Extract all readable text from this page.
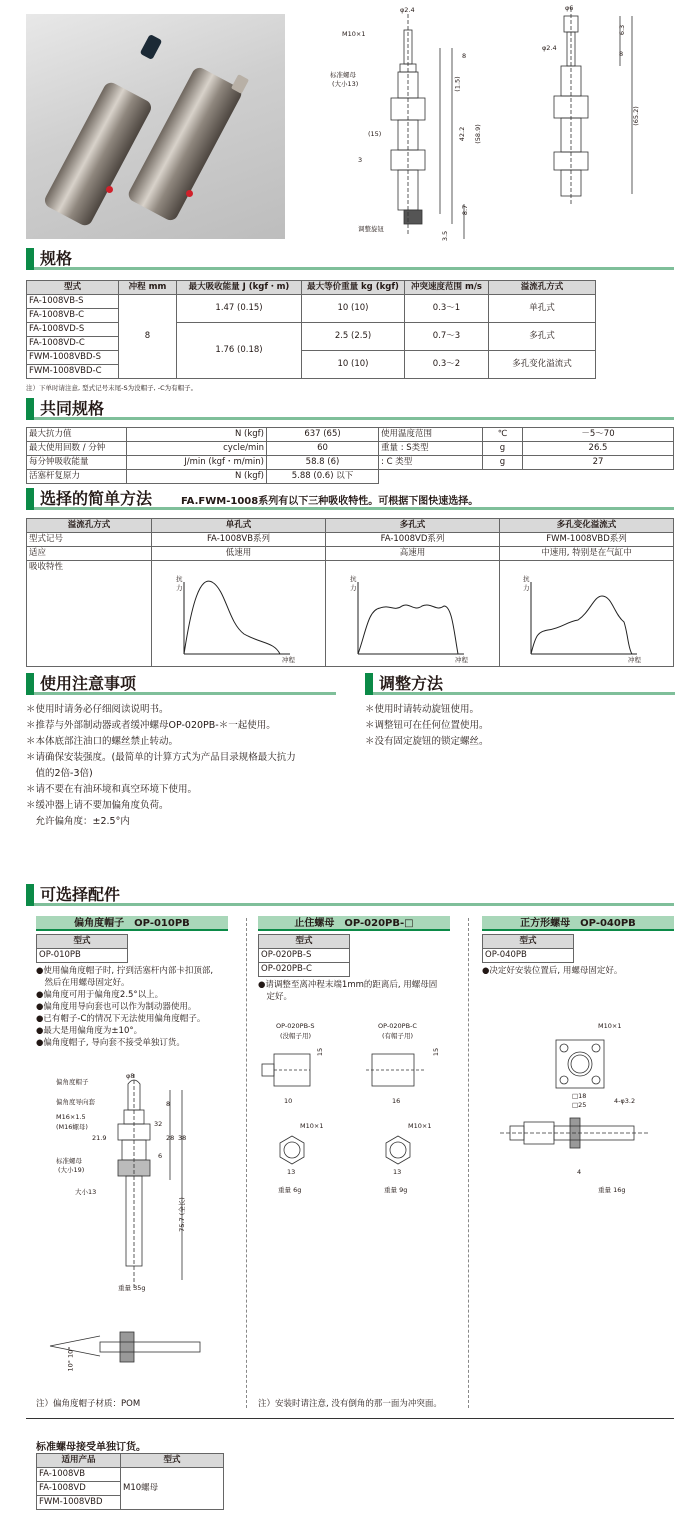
φ2.4
M10×1
标准螺母
(大小13)	(1.5)
(15)
3
8
42.2 (58.9)
8.7
3.5
调整旋钮
φ6
6.3
φ2.4
8
(65.2)
规格
型式	冲程 mm	最大吸收能量 J (kgf・m)	最大等价重量 kg (kgf)	冲突速度范围 m/s	溢流孔方式
FA-1008VB-S	8	1.47 (0.15)	10 (10)	0.3～1	单孔式
FA-1008VB-C					
FA-1008VD-S		1.76 (0.18)	2.5 (2.5)	0.7～3	多孔式
FA-1008VD-C					
FWM-1008VBD-S			10 (10)	0.3～2	多孔变化溢流式
FWM-1008VBD-C					
注）下单时请注意, 型式记号末尾-S为没帽子, -C为有帽子。
共同规格
最大抗力值	N (kgf)	637 (65)	使用温度范围	℃	－5～70
最大使用回数 / 分钟	cycle/min	60	重量 : S类型	g	26.5
每分钟吸收能量	J/min (kgf・m/min)	58.8 (6)	: C 类型	g	27
活塞杆复原力	N (kgf)	5.88 (0.6) 以下			
选择的简单方法	FA.FWM-1008系列有以下三种吸收特性。可根据下图快速选择。
溢流孔方式	单孔式	多孔式	多孔变化溢流式
型式记号	FA-1008VB系列	FA-1008VD系列	FWM-1008VBD系列
适应	低速用	高速用	中速用, 特别是在气缸中
吸收特性			
抗
力
冲程
抗
力
冲程
抗
力
冲程
使用注意事项	调整方法
＊使用时请务必仔细阅读说明书。
＊推荐与外部制动器或者缓冲螺母OP-020PB-＊一起使用。
＊本体底部注油口的螺丝禁止转动。
＊请确保安装强度。(最简单的计算方式为产品目录规格最大抗力
　值的2倍-3倍)
＊请不要在有油环境和真空环境下使用。
＊缓冲器上请不要加偏角度负荷。
　允许偏角度：±2.5°内
＊使用时请转动旋钮使用。
＊调整钮可在任何位置使用。
＊没有固定旋钮的锁定螺丝。
可选择配件
偏角度帽子　OP-010PB	止住螺母　OP-020PB-□	正方形螺母　OP-040PB
型式
OP-010PB
型式
OP-020PB-S
OP-020PB-C
型式
OP-040PB
●使用偏角度帽子时, 拧到活塞杆内部卡扣顶部,
　然后在用螺母固定好。
●偏角度可用于偏角度2.5°以上。
●偏角度用导向套也可以作为制动器使用。
●已有帽子-C的情况下无法使用偏角度帽子。
●最大是用偏角度为±10°。
●偏角度帽子, 导向套不接受单独订货。
●请调整至离冲程末端1mm的距离后, 用螺母固
　定好。
●决定好安装位置后, 用螺母固定好。
偏角度帽子
偏角度导向套
M16×1.5
(M16螺母)
标准螺母
(大小19)
大小13
φ8
8
32
28 38
21.9
6
75.7 (全长)
重量 35g
10° 10°
注）偏角度帽子材质：POM
OP-020PB-S
(没帽子用)
OP-020PB-C
(有帽子用)
15
10	16
15
M10×1	M10×1
13	13
重量 6g	重量 9g
注）安装时请注意, 没有倒角的那一面为冲突面。
M10×1
□18
□25	4-φ3.2
4
重量 16g
标准螺母接受单独订货。
适用产品	型式
FA-1008VB	M10螺母
FA-1008VD	
FWM-1008VBD	
